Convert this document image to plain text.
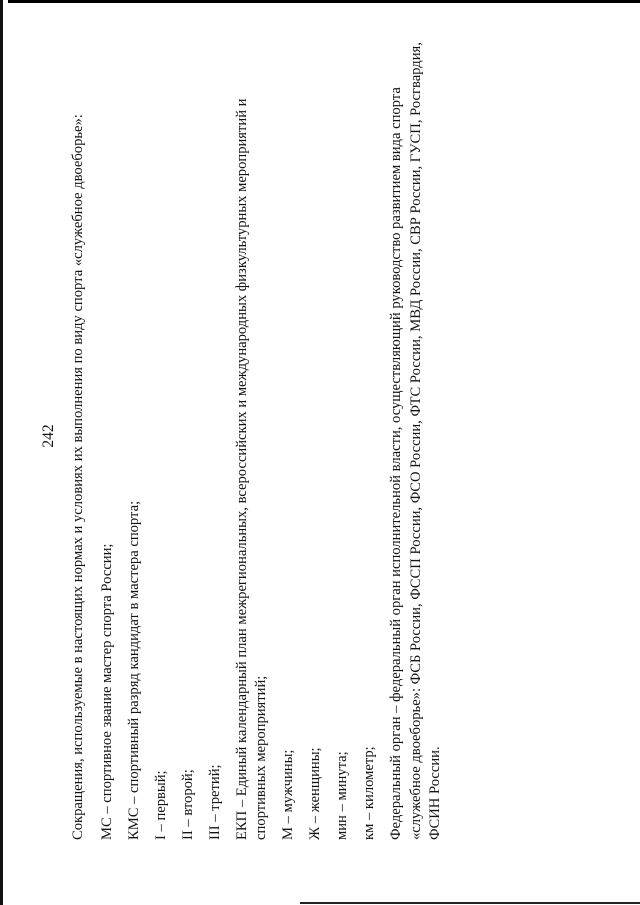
242 Сокращения, используемые в настоящих нормах и условиях их выполнения по виду спорта «служебное двоеборье»: МС – спортивное звание мастер спорта России; КМС – спортивный разряд кандидат в мастера спорта; I – первый; II – второй; III – третий; ЕКП – Единый календарный план межрегиональных, всероссийских и международных физкультурных мероприятий и спортивных мероприятий; М – мужчины; Ж – женщины; мин – минута; км – километр; Федеральный орган – федеральный орган исполнительной власти, осуществляющий руководство развитием вида спорта «служебное двоеборье»: ФСБ России, ФССП России, ФСО России, ФТС России, МВД России, СВР России, ГУСП, Росгвардия, ФСИН России.
